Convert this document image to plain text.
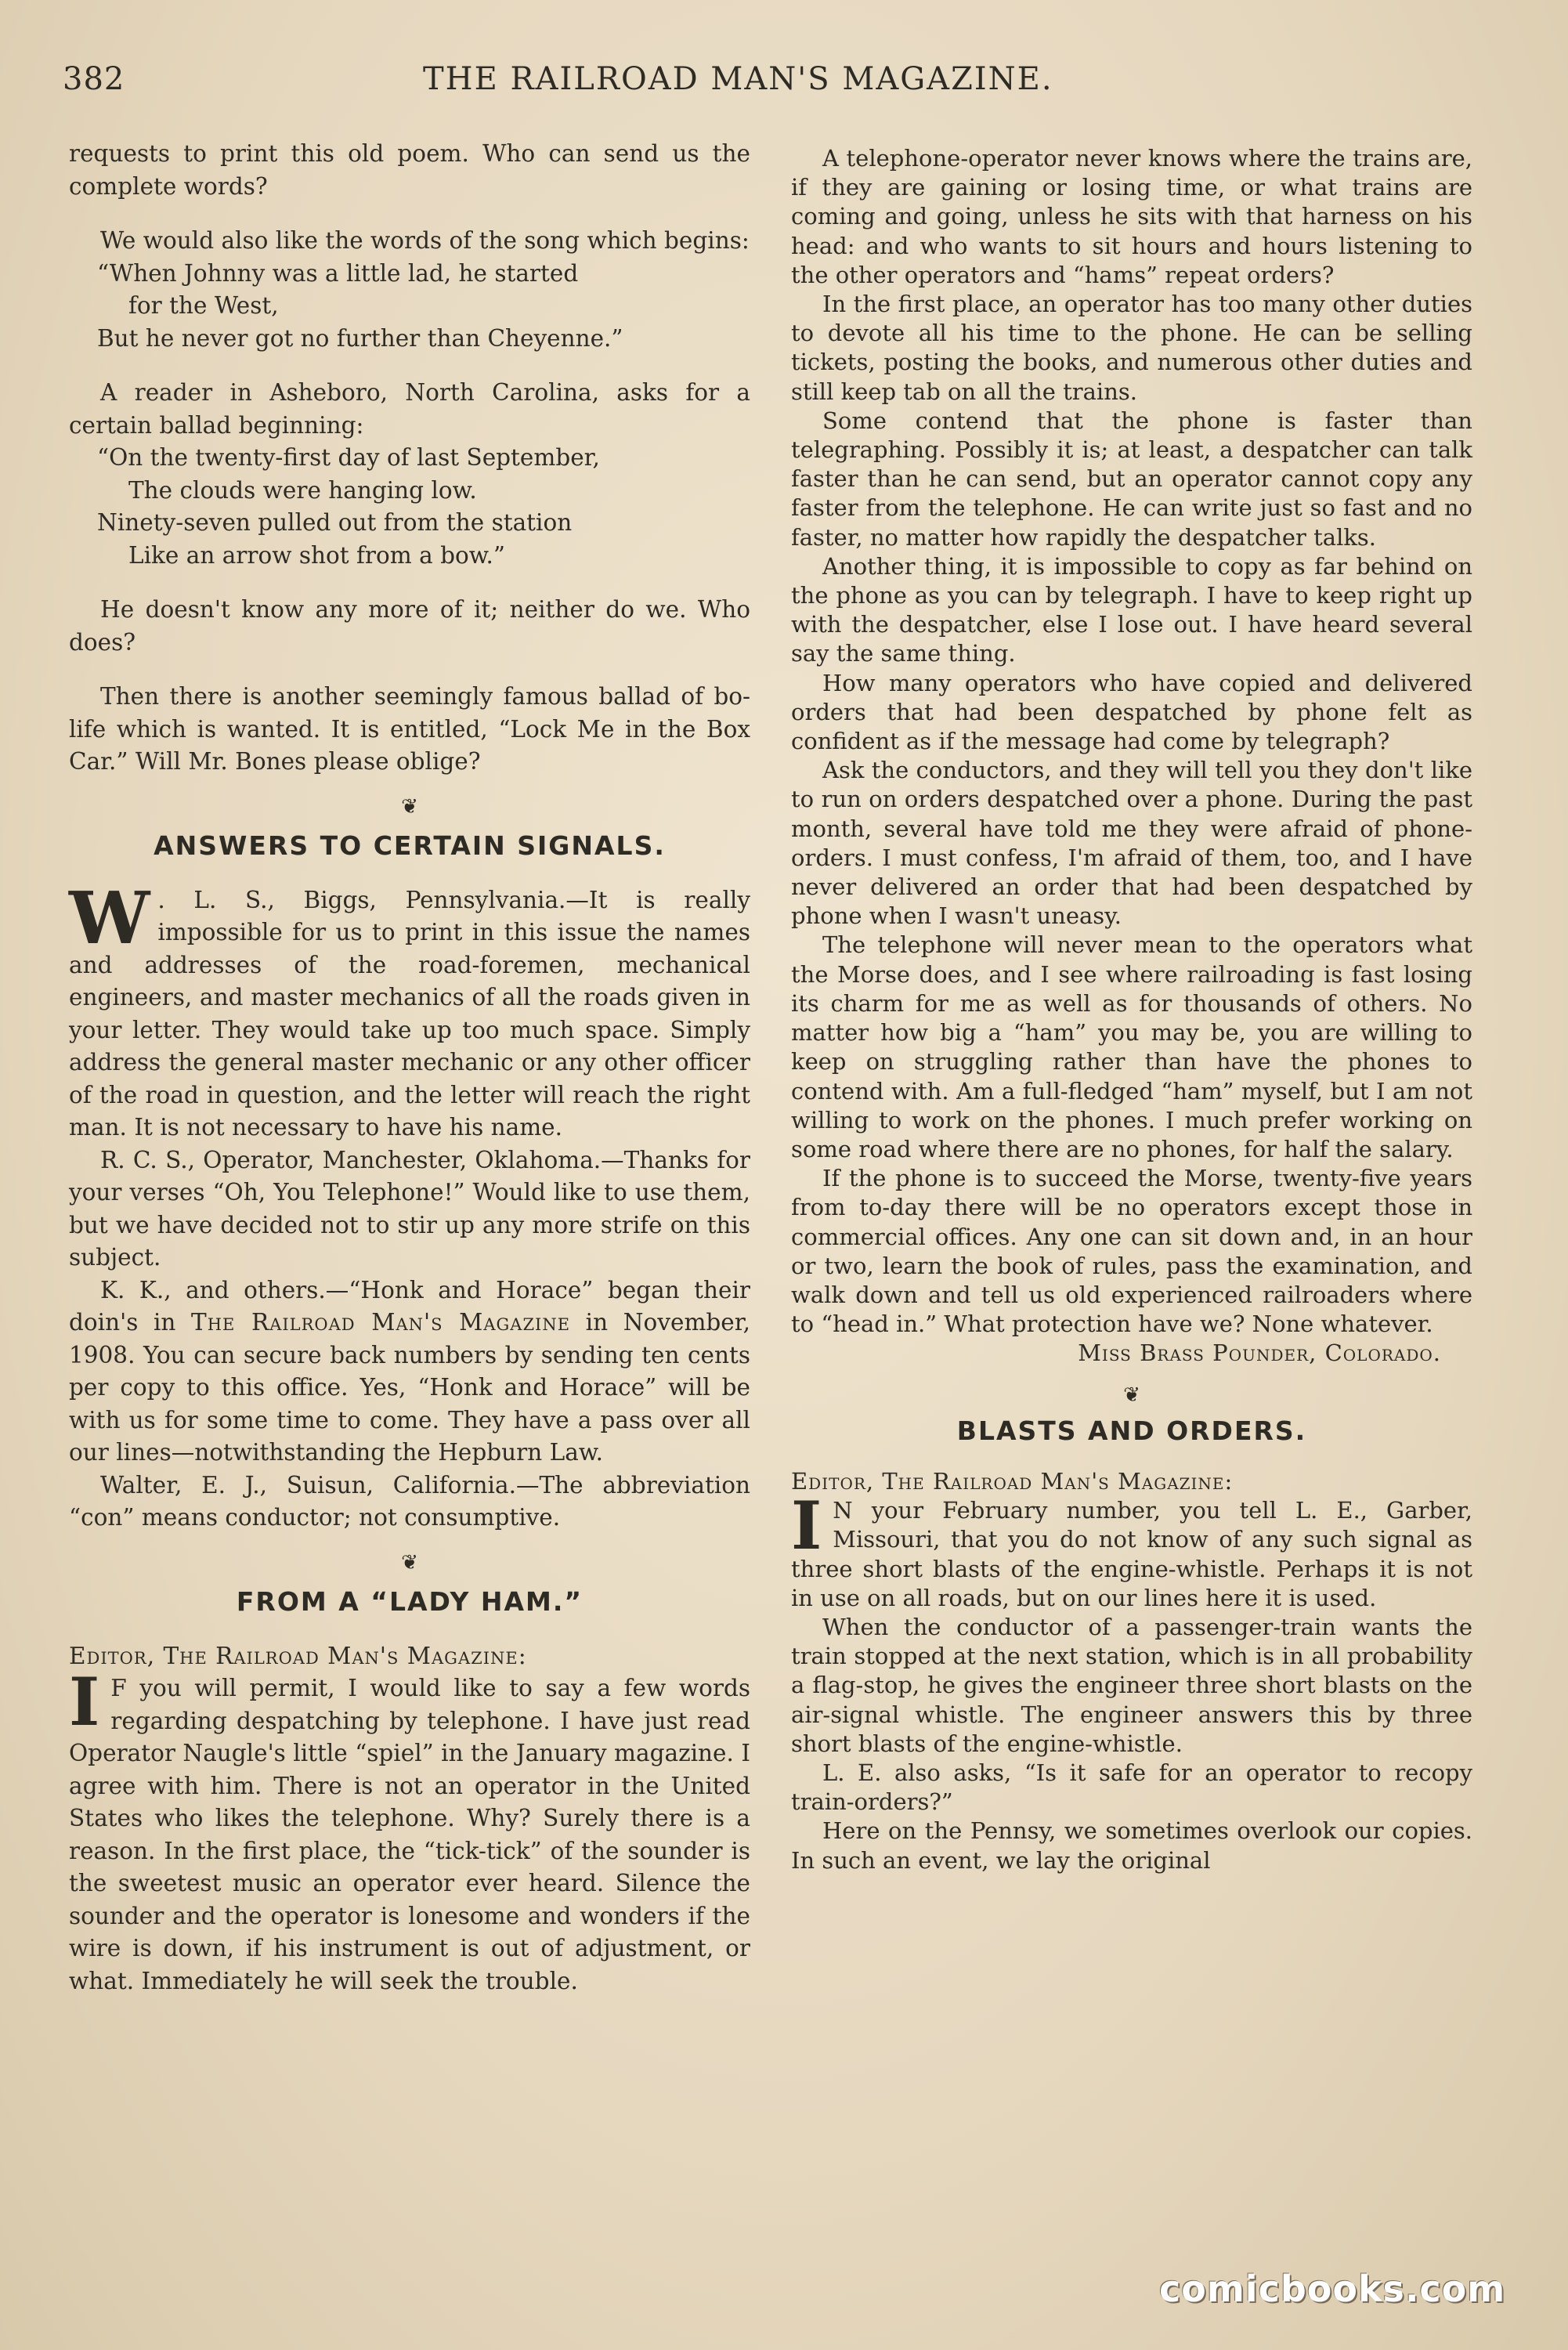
382	THE RAILROAD MAN'S MAGAZINE.

requests to print this old poem. Who can send us the complete words?

We would also like the words of the song which begins:

“When Johnny was a little lad, he started
for the West,
But he never got no further than Cheyenne.”

A reader in Asheboro, North Carolina, asks for a certain ballad beginning:

“On the twenty-first day of last September,
The clouds were hanging low.
Ninety-seven pulled out from the station
Like an arrow shot from a bow.”

He doesn't know any more of it; neither do we. Who does?

Then there is another seemingly famous ballad of bo-life which is wanted. It is entitled, “Lock Me in the Box Car.” Will Mr. Bones please oblige?

❦
ANSWERS TO CERTAIN SIGNALS.

W . L. S., Biggs, Pennsylvania.—It is really impossible for us to print in this issue the names and addresses of the road-foremen, mechanical engineers, and master mechanics of all the roads given in your letter. They would take up too much space. Simply address the general master mechanic or any other officer of the road in question, and the letter will reach the right man. It is not necessary to have his name.

R. C. S., Operator, Manchester, Oklahoma.—Thanks for your verses “Oh, You Telephone!” Would like to use them, but we have decided not to stir up any more strife on this subject.

K. K., and others.—“Honk and Horace” began their doin's in The Railroad Man's Magazine in November, 1908. You can secure back numbers by sending ten cents per copy to this office. Yes, “Honk and Horace” will be with us for some time to come. They have a pass over all our lines—notwithstanding the Hepburn Law.

Walter, E. J., Suisun, California.—The abbreviation “con” means conductor; not consumptive.

❦
FROM A “LADY HAM.”

Editor, The Railroad Man's Magazine:

I F you will permit, I would like to say a few words regarding despatching by telephone. I have just read Operator Naugle's little “spiel” in the January magazine. I agree with him. There is not an operator in the United States who likes the telephone. Why? Surely there is a reason. In the first place, the “tick-tick” of the sounder is the sweetest music an operator ever heard. Silence the sounder and the operator is lonesome and wonders if the wire is down, if his instrument is out of adjustment, or what. Immediately he will seek the trouble.

A telephone-operator never knows where the trains are, if they are gaining or losing time, or what trains are coming and going, unless he sits with that harness on his head: and who wants to sit hours and hours listening to the other operators and “hams” repeat orders?

In the first place, an operator has too many other duties to devote all his time to the phone. He can be selling tickets, posting the books, and numerous other duties and still keep tab on all the trains.

Some contend that the phone is faster than telegraphing. Possibly it is; at least, a despatcher can talk faster than he can send, but an operator cannot copy any faster from the telephone. He can write just so fast and no faster, no matter how rapidly the despatcher talks.

Another thing, it is impossible to copy as far behind on the phone as you can by telegraph. I have to keep right up with the despatcher, else I lose out. I have heard several say the same thing.

How many operators who have copied and delivered orders that had been despatched by phone felt as confident as if the message had come by telegraph?

Ask the conductors, and they will tell you they don't like to run on orders despatched over a phone. During the past month, several have told me they were afraid of phone-orders. I must confess, I'm afraid of them, too, and I have never delivered an order that had been despatched by phone when I wasn't uneasy.

The telephone will never mean to the operators what the Morse does, and I see where railroading is fast losing its charm for me as well as for thousands of others. No matter how big a “ham” you may be, you are willing to keep on struggling rather than have the phones to contend with. Am a full-fledged “ham” myself, but I am not willing to work on the phones. I much prefer working on some road where there are no phones, for half the salary.

If the phone is to succeed the Morse, twenty-five years from to-day there will be no operators except those in commercial offices. Any one can sit down and, in an hour or two, learn the book of rules, pass the examination, and walk down and tell us old experienced railroaders where to “head in.” What protection have we? None whatever.

Miss Brass Pounder, Colorado.

❦
BLASTS AND ORDERS.

Editor, The Railroad Man's Magazine:

I N your February number, you tell L. E., Garber, Missouri, that you do not know of any such signal as three short blasts of the engine-whistle. Perhaps it is not in use on all roads, but on our lines here it is used.

When the conductor of a passenger-train wants the train stopped at the next station, which is in all probability a flag-stop, he gives the engineer three short blasts on the air-signal whistle. The engineer answers this by three short blasts of the engine-whistle.

L. E. also asks, “Is it safe for an operator to recopy train-orders?”

Here on the Pennsy, we sometimes overlook our copies. In such an event, we lay the original

comicbooks.com
